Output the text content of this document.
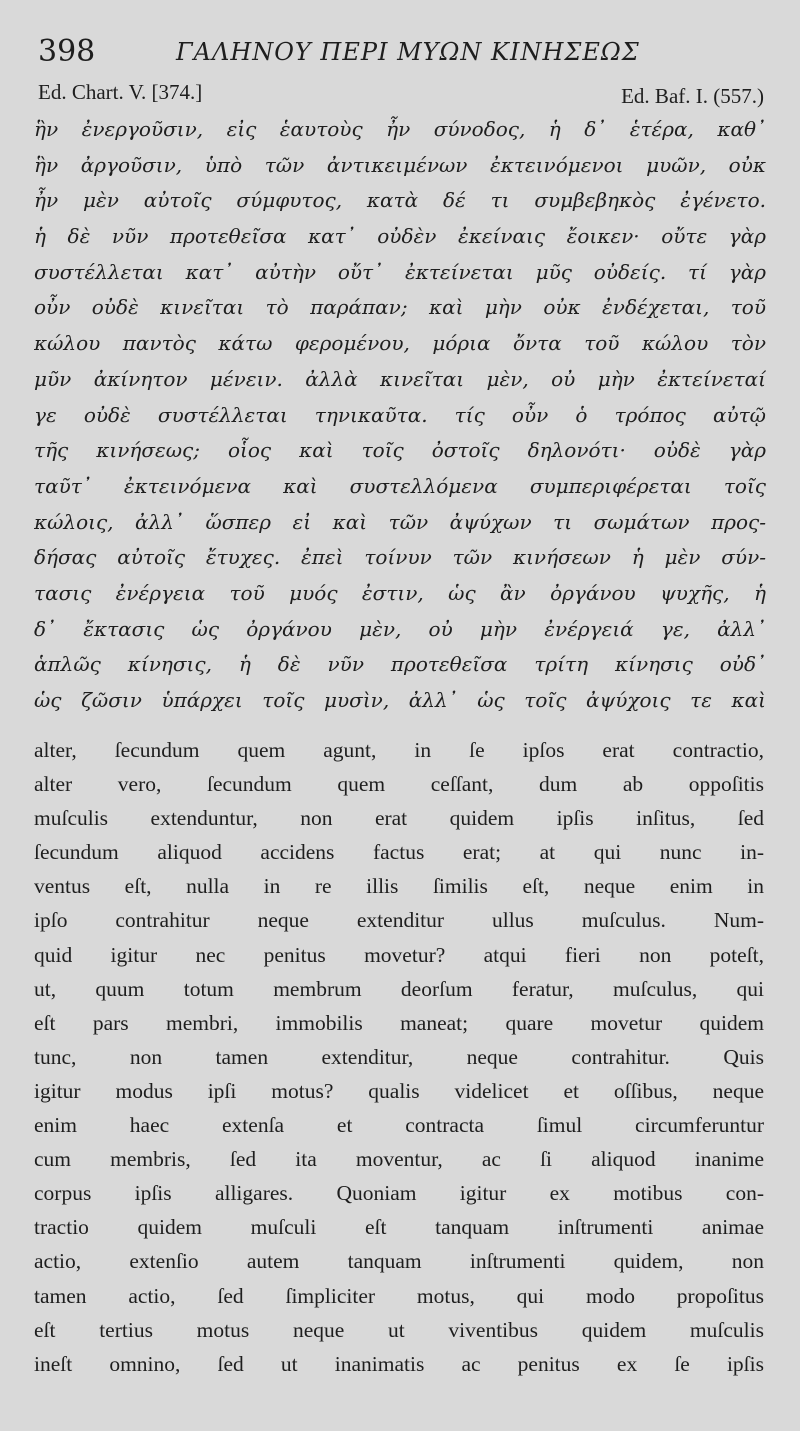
398	ΓΑΛΗΝΟΥ ΠΕΡΙ ΜΥΩΝ ΚΙΝΗΣΕΩΣ
Ed. Chart. V. [374.]	Ed. Baf. I. (557.)
ἣν ἐνεργοῦσιν, εἰς ἑαυτοὺς ἦν σύνοδος, ἡ δ᾽ ἑτέρα, καθ᾽
ἣν ἀργοῦσιν, ὑπὸ τῶν ἀντικειμένων ἐκτεινόμενοι μυῶν, οὐκ
ἦν μὲν αὐτοῖς σύμφυτος, κατὰ δέ τι συμβεβηκὸς ἐγένετο.
ἡ δὲ νῦν προτεθεῖσα κατ᾽ οὐδὲν ἐκείναις ἔοικεν· οὔτε γὰρ
συστέλλεται κατ᾽ αὐτὴν οὔτ᾽ ἐκτείνεται μῦς οὐδείς. τί γὰρ
οὖν οὐδὲ κινεῖται τὸ παράπαν; καὶ μὴν οὐκ ἐνδέχεται, τοῦ
κώλου παντὸς κάτω φερομένου, μόρια ὄντα τοῦ κώλου τὸν
μῦν ἀκίνητον μένειν. ἀλλὰ κινεῖται μὲν, οὐ μὴν ἐκτείνεταί
γε οὐδὲ συστέλλεται τηνικαῦτα. τίς οὖν ὁ τρόπος αὐτῷ
τῆς κινήσεως; οἷος καὶ τοῖς ὀστοῖς δηλονότι· οὐδὲ γὰρ
ταῦτ᾽ ἐκτεινόμενα καὶ συστελλόμενα συμπεριφέρεται τοῖς
κώλοις, ἀλλ᾽ ὥσπερ εἰ καὶ τῶν ἀψύχων τι σωμάτων προς-
δήσας αὐτοῖς ἔτυχες. ἐπεὶ τοίνυν τῶν κινήσεων ἡ μὲν σύν-
τασις ἐνέργεια τοῦ μυός ἐστιν, ὡς ἂν ὀργάνου ψυχῆς, ἡ
δ᾽ ἔκτασις ὡς ὀργάνου μὲν, οὐ μὴν ἐνέργειά γε, ἀλλ᾽
ἁπλῶς κίνησις, ἡ δὲ νῦν προτεθεῖσα τρίτη κίνησις οὐδ᾽
ὡς ζῶσιν ὑπάρχει τοῖς μυσὶν, ἀλλ᾽ ὡς τοῖς ἀψύχοις τε καὶ
alter, ſecundum quem agunt, in ſe ipſos erat contractio,
alter vero, ſecundum quem ceſſant, dum ab oppoſitis
muſculis extenduntur, non erat quidem ipſis inſitus, ſed
ſecundum aliquod accidens factus erat; at qui nunc in-
ventus eſt, nulla in re illis ſimilis eſt, neque enim in
ipſo contrahitur neque extenditur ullus muſculus. Num-
quid igitur nec penitus movetur? atqui fieri non poteſt,
ut, quum totum membrum deorſum feratur, muſculus, qui
eſt pars membri, immobilis maneat; quare movetur quidem
tunc, non tamen extenditur, neque contrahitur. Quis
igitur modus ipſi motus? qualis videlicet et oſſibus, neque
enim haec extenſa et contracta ſimul circumferuntur
cum membris, ſed ita moventur, ac ſi aliquod inanime
corpus ipſis alligares. Quoniam igitur ex motibus con-
tractio quidem muſculi eſt tanquam inſtrumenti animae
actio, extenſio autem tanquam inſtrumenti quidem, non
tamen actio, ſed ſimpliciter motus, qui modo propoſitus
eſt tertius motus neque ut viventibus quidem muſculis
ineſt omnino, ſed ut inanimatis ac penitus ex ſe ipſis
